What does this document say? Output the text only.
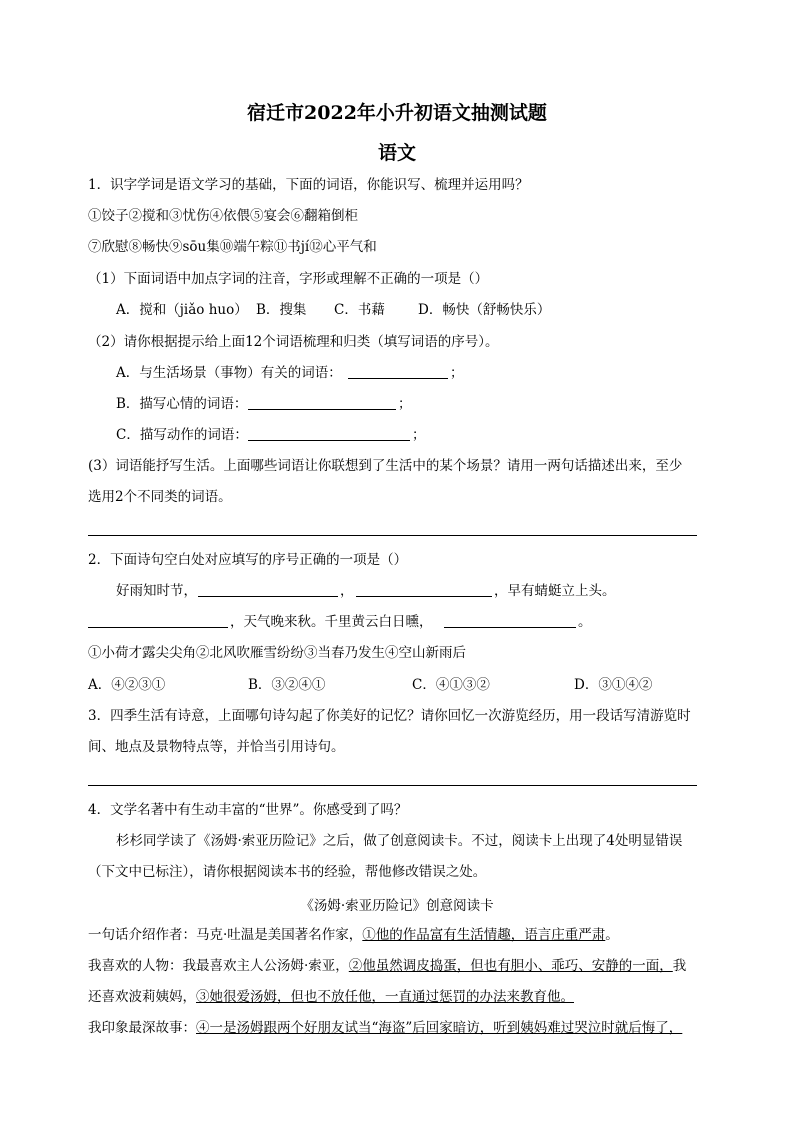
宿迁市2022年小升初语文抽测试题
语文
1．识字学词是语文学习的基础，下面的词语，你能识写、梳理并运用吗？
①饺子②搅和③忧伤④依偎⑤宴会⑥翻箱倒柜
⑦欣慰⑧畅快⑨sōu集⑩端午粽⑪书jí⑫心平气和
（1）下面词语中加点字词的注音，字形或理解不正确的一项是（）
A．搅和（jiǎo huo） B．搜集 C．书藉 D．畅快（舒畅快乐）
（2）请你根据提示给上面12个词语梳理和归类（填写词语的序号）。
A．与生活场景（事物）有关的词语：	；
B．描写心情的词语：	；
C．描写动作的词语：	；
(3）词语能抒写生活。上面哪些词语让你联想到了生活中的某个场景？请用一两句话描述出来，至少
选用2个不同类的词语。
2．下面诗句空白处对应填写的序号正确的一项是（）
好雨知时节，	，	，早有蜻蜓立上头。
，天气晚来秋。千里黄云白日曛，	。
①小荷才露尖尖角②北风吹雁雪纷纷③当春乃发生④空山新雨后
A．④②③①	B．③②④①	C．④①③②	D．③①④②
3．四季生活有诗意，上面哪句诗勾起了你美好的记忆？请你回忆一次游览经历，用一段话写清游览时
间、地点及景物特点等，并恰当引用诗句。
4．文学名著中有生动丰富的“世界”。你感受到了吗？
杉杉同学读了《汤姆·索亚历险记》之后，做了创意阅读卡。不过，阅读卡上出现了4处明显错误
（下文中已标注），请你根据阅读本书的经验，帮他修改错误之处。
《汤姆·索亚历险记》创意阅读卡
一句话介绍作者：马克·吐温是美国著名作家，①他的作品富有生活情趣，语言庄重严肃。
我喜欢的人物：我最喜欢主人公汤姆·索亚，②他虽然调皮捣蛋，但也有胆小、乖巧、安静的一面，我
还喜欢波莉姨妈，③她很爱汤姆，但也不放任他，一直通过惩罚的办法来教育他。
我印象最深故事：④一是汤姆跟两个好朋友试当“海盗”后回家暗访，听到姨妈难过哭泣时就后悔了，
